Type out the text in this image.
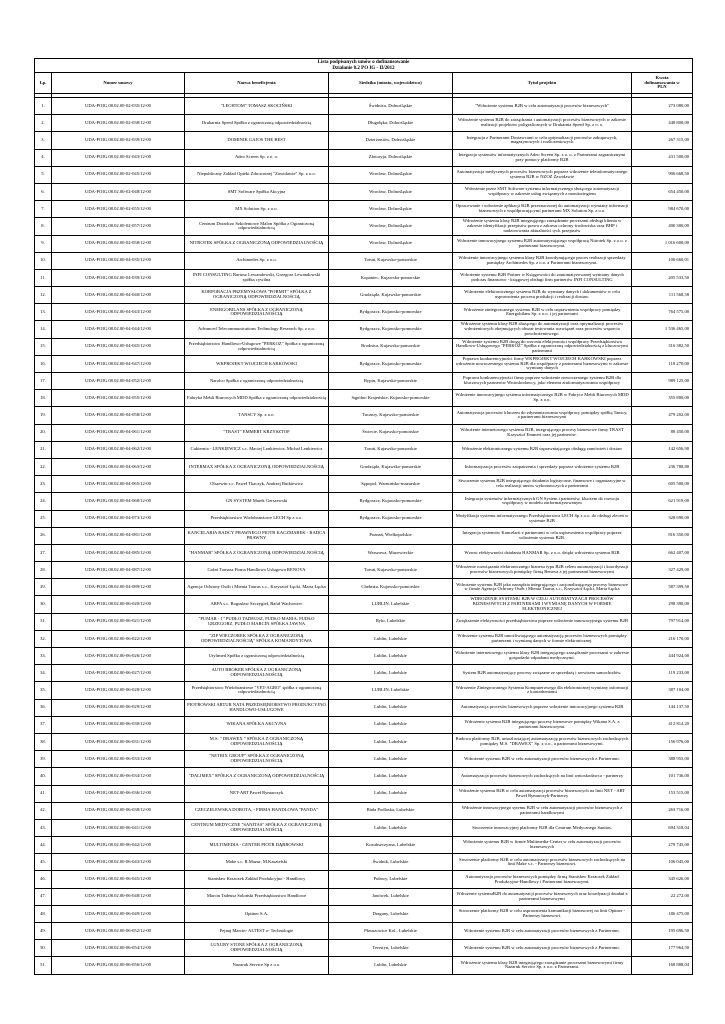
Lista podpisanych umów o dofinansowanie
Działanie 8.2 PO IG - II/2012					

Lp.	Numer umowy	Nazwa beneficjenta	Siedziba (miasto, województwo)	Tytuł projektu	Kwota
dofinansowania w
PLN

1.	UDA-POIG.08.02.00-02-035/12-00	"LECHTOM" TOMASZ SKOCIŃSKI	Świdnica, Dolnośląskie	"Wdrożenie systemu B2B w celu automatyzacji procesów biznesowych"	273 080,00
2.	UDA-POIG.08.02.00-02-038/12-00	Drukarnia Speed Spółka z ograniczoną odpowiedzialnością	Długołęka, Dolnośląskie	Wdrożenie systemu B2B do zarządzania i automatyzacji procesów biznesowych w zakresie realizacji projektów poligraficznych w Drukarnia Speed Sp. z o. o.	448 800,00
3.	UDA-POIG.08.02.00-02-039/12-00	DOMINIK GAJOS THE BEST	Dzierżoniów, Dolnośląskie	Integracja z Partnerami Dostawcami w celu optymalizacji procesów zakupowych, magazynowych i rozliczeniowych	267 315,00
4.	UDA-POIG.08.02.00-02-043/12-00	Adeo Screen Sp. z o. o.	Złotoryja, Dolnośląskie	Integracja systemów informatycznych Adeo Screen Sp. z o. o. z Partnerami zagranicznymi przy pomocy platformy B2B	431 500,00
5.	UDA-POIG.08.02.00-02-045/12-00	Niepubliczny Zakład Opieki Zdrowotnej "Zawidawie" Sp. z o.o.	Wrocław, Dolnośląskie	Automatyzacja medycznych procesów biznesowych poprzez wdrożenie teleinformatycznego systemu B2B w NZOZ Zawidawie	906 668,50
6.	UDA-POIG.08.02.00-02-048/12-00	SMT Software Spółka Akcyjna	Wrocław, Dolnośląskie	Wdrożenie przez SMT Software systemu informatycznego służącego automatyzacji współpracy w zakresie usług związanych z monitoringiem	654 450,00
7.	UDA-POIG.08.02.00-02-055/12-00	MX Solution Sp. z o.o.	Wrocław, Dolnośląskie	Opracowanie i wdrożenie aplikacji B2B przeznaczonej do automatyzacji wymiany informacji biznesowych z współpracującymi partnerami MX Solution Sp. z o.o.	984 670,00
8.	UDA-POIG.08.02.00-02-057/12-00	Centrum Doradczo Szkoleniowe Malon Spółka z Ograniczoną odpowiedzialnością	Wrocław, Dolnośląskie	Wdrożenie systemu klasy B2B integrującego zarządzanie procesami obsługi klienta w zakresie identyfikacji przepisów prawa z zakresu ochrony środowiska oraz BHP i nadzorowania aktualności tych przepisów	490 300,00
9.	UDA-POIG.08.02.00-02-058/12-00	NITROTEK SPÓŁKA Z OGRANICZONĄ ODPOWIEDZIALNOŚCIĄ	Wrocław, Dolnośląskie	Wdrożenie innowacyjnego systemu B2B automatyzującego współpracę Nitrotek Sp. z o.o. z partnerami biznesowymi.	1 016 600,00
10.	UDA-POIG.08.02.00-04-035/12-00	Archimedes Sp. z o.o.	Toruń, Kujawsko-pomorskie	Wdrożenie innowacyjnego systemu klasy B2B koordynującego proces realizacji sprzedaży pomiędzy Archimedes Sp. z o.o. a Partnerami biznesowymi.	100 660,01
11.	UDA-POIG.08.02.00-04-039/12-00	INFI CONSULTING Bartosz Lewandowski, Grzegorz Lewandowski spółka cywilna	Kopaniec, Kujawsko-pomorskie	Wdrożenie systemu B2B Partner w Księgowości do zautomatyzowanej wymiany danych podczas finansowo - księgowej obsługi firm partnerów INFI CONSULTING	205 533,50
12.	UDA-POIG.08.02.00-04-040/12-00	KORPORACJA PRZEMYSŁOWA "FORMIT" SPÓŁKA Z OGRANICZONĄ ODPOWIEDZIALNOŚCIĄ	Grudziądz, Kujawsko-pomorskie	Wdrożenie elektronicznego systemu B2B do wymiany danych i dokumentów w celu usprawnienia procesu produkcji i realizacji dostaw.	111 568,58
13.	UDA-POIG.08.02.00-04-043/12-00	ENERGOBILANS SPÓŁKA Z OGRANICZONĄ ODPOWIEDZIALNOŚCIĄ	Bydgoszcz, Kujawsko-pomorskie	Wdrożenie zintegrowanego systemu B2B w celu usprawnienia współpracy pomiędzy Energobilans Sp. z o.o. i jej partnerami	764 575,00
14.	UDA-POIG.08.02.00-04-044/12-00	Advanced Telecommunications Technology Research Sp. z o.o.	Bydgoszcz, Kujawsko-pomorskie	Wdrożenie systemu klasy B2B służącego do automatyzacji oraz optymalizacji procesów wdrożeniowych obejmujących obszar testowania rozwiązań oraz procesów wsparcia powdrożeniowego.	1 536 465,00
15.	UDA-POIG.08.02.00-04-045/12-00	Przedsiębiorstwo Handlowo-Usługowe "PERKOZ" Spółka z ograniczoną odpowiedzialnością	Brodnica, Kujawsko-pomorskie	Wdrożenie systemu B2B drogą do wzrostu efektywności współpracy Przedsiębiorstwa Handlowo-Usługowego "PERKOZ" Spółka z ograniczoną odpowiedzialnością z kluczowymi partnerami	316 382,50
16.	UDA-POIG.08.02.00-04-047/12-00	WKPROJEKT WOJCIECH KARKOWSKI	Bydgoszcz, Kujawsko-pomorskie	Poprawa konkurencyjności firmy WKPROJEKT WOJCIECH KARKOWSKI poprzez wdrożenie nowoczesnego systemu B2B dla współpracy z partnerami biznesowymi w zakresie wymiany danych	118 270,00
17.	UDA-POIG.08.02.00-04-052/12-00	Narolco Spółka z ograniczoną odpowiedzialnością	Rypin, Kujawsko-pomorskie	Poprawa konkurencyjności firmy poprzez wdrożenie nowoczesnego systemu B2B dla kluczowych partnerów Wnioskodawcy, jako element zinformatyzowania współpracy	989 125,00
18.	UDA-POIG.08.02.00-04-055/12-00	Fabryka Mebli Biurowych MDD Spółka z ograniczoną odpowiedzialnością	Sępólno Krajeńskie, Kujawsko-pomorskie	Wdrożenie innowacyjnego systemu informatycznego B2B w Fabryce Mebli Biurowych MDD Sp. z o.o.	355 800,00
19.	UDA-POIG.08.02.00-04-058/12-00	TANSCY Sp. z o.o.	Tucznry, Kujawsko-pomorskie	Automatyzacja procesów kluczem do zdynamizowania współpracy pomiędzy spółką Tanscy, a partnerami biznesowymi	479 202,00
20.	UDA-POIG.08.02.00-04-061/12-00	"TRAST" EMMERT KRZYSZTOF	Świecie, Kujawsko-pomorskie	Wdrożenie internetowego systemu B2B, integrującego procesy biznesowe firmy TRAST Krzysztof Emmert oraz jej partnerów.	88 450,00
21.	UDA-POIG.08.02.00-04-062/12-00	Cukiernia - LENKIEWICZ s.c. Maciej Lenkiewicz, Michał Lenkiewicz	Toruń, Kujawsko-pomorskie	Wdrożenie elektronicznego systemu B2B usprawniającego obsługę zamówień i dostaw	142 656,90
22.	UDA-POIG.08.02.00-04-063/12-00	INTERMAX SPÓŁKA Z OGRANICZONĄ ODPOWIEDZIALNOŚCIĄ	Grudziądz, Kujawsko-pomorskie	Informatyzacja procesów zaopatrzenia i sprzedaży poprzez wdrożenie systemu B2B	236 788,80
23.	UDA-POIG.08.02.00-04-065/12-00	Olszewin s.c. Paweł Tkaczyk, Andrzej Butkiewicz	Sępopol, Warmińsko-mazurskie	Stworzenie systemu B2B integrującego działania logistyczne, finansowe i organizacyjne w celu realizacji umów wykonawczych z partnerami	605 500,00
24.	UDA-POIG.08.02.00-04-068/12-00	GN SYSTEM Marek Gerszewski	Bydgoszcz, Kujawsko-pomorskie	Integracja systemów informatycznych GN System i partnerów, kluczem do rozwoju współpracy w modelu zinformatyzowanym	621 919,00
25.	UDA-POIG.08.02.00-04-073/12-00	Przedsiębiorstwo Wielobranżowe LECH Sp z o.o.	Bydgoszcz, Kujawsko-pomorskie	Modyfikacja systemu informatycznego Przedsiębiorstwa LECH Sp z o.o. do obsługi zleceń w systemie B2B	328 690,00
26.	UDA-POIG.08.02.00-04-081/12-00	KANCELARIA RADCY PRAWNEGO PIOTR KACZMAREK - RADCA PRAWNY	Poznań, Wielkopolskie	Integracja systemów Kancelarii z partnerami w celu usprawnienia współpracy poprzez wdrożenie systemu B2B.	816 350,00
27.	UDA-POIG.08.02.00-04-085/12-00	"HANMAR" SPÓŁKA Z OGRANICZONĄ ODPOWIEDZIALNOŚCIĄ	Warszawa, Mazowieckie	Wzrost efektywności działania HANMAR Sp. z o.o. dzięki wdrożeniu systemu B2B	662 407,00
28.	UDA-POIG.08.02.00-04-087/12-00	Gołaś Tomasz Firma Handlowo Usługowa RENOVA	Toruń, Kujawsko-pomorskie	Wdrożenie rozwiązania elektronicznego biznesu typu B2B celem automatyzacji i koordynacji procesów biznesowych pomiędzy firmą Renova a jej partnerami biznesowymi	327 429,00
29.	UDA-POIG.08.02.00-04-089/12-00	Agencja Ochrony Osób i Mienia Taurus s.c., Krzysztof Łęcki, Maria Łęcka	Chełmża, Kujawsko-pomorskie	Wdrożenie systemu B2B jako narzędzia integrującego i racjonalizującego procesy biznesowe w firmie Agencja Ochrony Osób i Mienia Taurus s.c., Krzysztof Łęcki, Maria Łęcka	587 399,50
30.	UDA-POIG.08.02.00-06-020/12-00	ARFA s.c. Bogusław Szczygieł, Rafał Wachowiec	LUBLIN, Lubelskie	WDROŻENIE SYSTEMU B2B W CELU AUTOMATYZACJI PROCESÓW BIZNESOWYCH Z PARTNERAMI I WYMIANĘ DANYCH W FORMIE ELEKTRONICZNEJ	298 390,00
31.	UDA-POIG.08.02.00-06-021/12-00	"PUMAR - 1" PUDŁO TADEUSZ, PUDŁO MARIA, PUDŁO GRZEGORZ, PUDŁO MARCIN SPÓŁKA JAWNA	Ryki, Lubelskie	Zwiększenie efektywności przedsiębiorstwa poprzez wdrożenie innowacyjnego systemu B2B	797 914,00
32.	UDA-POIG.08.02.00-06-022/12-00	"ZIP WIECZOREK SPÓŁKA Z OGRANICZONĄ ODPOWIEDZIALNOŚCIĄ" SPÓŁKA KOMANDYTOWA	Lublin, Lubelskie	Wdrożenie systemu B2B umożliwiającego automatyzację procesów biznesowych pomiędzy partnerami i wymianę danych w formie elektronicznej.	216 170,00
33.	UDA-POIG.08.02.00-06-026/12-00	Utylimed Spółka z ograniczoną odpowiedzialnością	Lublin, Lubelskie	Wdrożenie internetowego systemu klasy B2B integrującego zarządzanie procesami w zakresie gospodarki odpadami medycznymi.	444 924,00
34.	UDA-POIG.08.02.00-06-027/12-00	AUTO BROKER SPÓŁKA Z OGRANICZONĄ ODPOWIEDZIALNOŚCIĄ	Lublin, Lubelskie	System B2B automatyzujący procesy związane ze sprzedażą i serwisem samochodów.	119 233,00
35.	UDA-POIG.08.02.00-06-028/12-00	Przedsiębiorstwo Wielobranżowe "VET-AGRO" spółka z ograniczoną odpowiedzialnością	LUBLIN, Lubelskie	Wdrożenie Zintegrowanego Systemu Komputerowego dla elektronicznej wymiany informacji z kontrahentami	387 104,00
36.	UDA-POIG.08.02.00-06-029/12-00	PIOTROWSKI ARTUR NATA PRZEDSIĘBIORSTWO PRODUKCYJNO HANDLOWO-USŁUGOWE	Lublin, Lubelskie	Automatyzacja procesów biznesowych poprzez wdrożenie innowacyjnego systemu B2B	144 137,50
37.	UDA-POIG.08.02.00-06-030/12-00	WIKANA SPÓŁKA AKCYJNA	Lublin, Lubelskie	Wdrożenie systemu B2B integrującego procesy biznesowe pomiędzy Wikana S.A. a partnerami biznesowymi.	412 814,20
38.	UDA-POIG.08.02.00-06-031/12-00	M.S. " DRAWEX " SPÓŁKA Z OGRANICZONĄ ODPOWIEDZIALNOŚCIĄ	Lublin, Lubelskie	Budowa platformy B2B, umożliwiającej automatyzację procesów biznesowych zachodzących pomiędzy M.S. "DRAWEX" Sp. z o.o., a partnerami biznesowymi.	156 976,00
39.	UDA-POIG.08.02.00-06-033/12-00	"NETRIX GROUP" SPÓŁKA Z OGRANICZONĄ ODPOWIEDZIALNOŚCIĄ	Lublin, Lubelskie	Wdrożenie systemu B2B w celu automatyzacji procesów biznesowych z Partnerami.	388 955,00
40.	UDA-POIG.08.02.00-06-034/12-00	"DALIMEX" SPÓŁKA Z OGRANICZONĄ ODPOWIEDZIALNOŚCIĄ	Lublin, Lubelskie	Automatyzacja procesów biznesowych zachodzących na linii wnioskodawca - partnerzy	101 736,00
41.	UDA-POIG.08.02.00-06-036/12-00	NET-ART Paweł Rymarczyk	Lublin, Lubelskie	Wdrożenie systemu B2B w celu automatyzacji procesów biznesowych na linii NET - ART Paweł Rymarczyk-Partnerzy	153 515,00
42.	UDA-POIG.08.02.00-06-038/12-00	CZECZELEWSKA DOROTA, - FIRMA HANDLOWA "PANDA"	Biała Podlaska, Lubelskie	Wdrożenie innowacyjnego sytemu B2B w celu automatyzacji procesów biznesowych z partnerami handlowymi	263 716,00
43.	UDA-POIG.08.02.00-06-041/12-00	CENTRUM MEDYCZNE "SANITAS" SPÓŁKA Z OGRANICZONĄ ODPOWIEDZIALNOŚCIĄ	Lublin, Lubelskie	Stworzenie innowacyjnej platformy B2B dla Centrum Medycznego Sanitas.	694 318,04
44.	UDA-POIG.08.02.00-06-042/12-00	MULTIMEDIA - CENTER PIOTR DĄBROWSKI	Kozubszczyzna, Lubelskie	Wdrożenie systemu B2B w firmie Multimedia-Center w celu automatyzacji procesów biznesowych	279 745,00
45.	UDA-POIG.08.02.00-06-043/12-00	Make s.c. R.Mazur, M.Kasztelski	Świdnik, Lubelskie	Stworzenie platformy B2B w celu automatyzacji procesów biznesowych zachodzących na linii Make s.c. - Partnerzy biznesowi.	106 045,00
46.	UDA-POIG.08.02.00-06-045/12-00	Stanisław Krzaczek Zakład Produkcyjno - Handlowy	Puławy, Lubelskie	Automatyzacja procesów biznesowych pomiędzy firmą Stanisław Krzaczek Zakład Produkcyjno-Handlowy i Partnerami biznesowymi.	345 626,00
47.	UDA-POIG.08.02.00-06-048/12-00	Marcin Tadeusz Soloński Przedsiębiorstwo Handlowe	Janówek, Lubelskie	Wdrożenie systemuB2B do automatyzacji procesów biznesowych oraz koordynacji działań z partnerami biznesowymi	22 272,00
48.	UDA-POIG.08.02.00-06-049/12-00	Optiner S.A.	Dragany, Lubelskie	Stworzenie platformy B2B w celu usprawnienia komunikacji biznesowej na linii Optiner - Partnerzy biznesowi.	186 475,00
49.	UDA-POIG.08.02.00-06-052/12-00	Pejnaj Marcin- ALTEST o- Technologie	Płouszowice Kol., Lubelskie	Wdrożenie systemu B2B w celu automatyzacji procesów biznesowych z Partnerami.	195 696,50
50.	UDA-POIG.08.02.00-06-054/12-00	LUXURY STONE SPÓŁKA Z OGRANICZONĄ ODPOWIEDZIALNOŚCIĄ	Terestyn, Lubelskie	Wdrożenie systemu B2B w celu automatyzacji procesów biznesowych z Partnerami.	177 964,50
51.	UDA-POIG.08.02.00-06-056/12-00	Nazaruk Service Sp z o.o.	Lublin, Lubelskie	Wdrożenie systemu klasy B2B integrującego zarządzanie procesami biznesowymi firmy Nazaruk Service Sp. z o.o. z Partnerami.	168 888,04
